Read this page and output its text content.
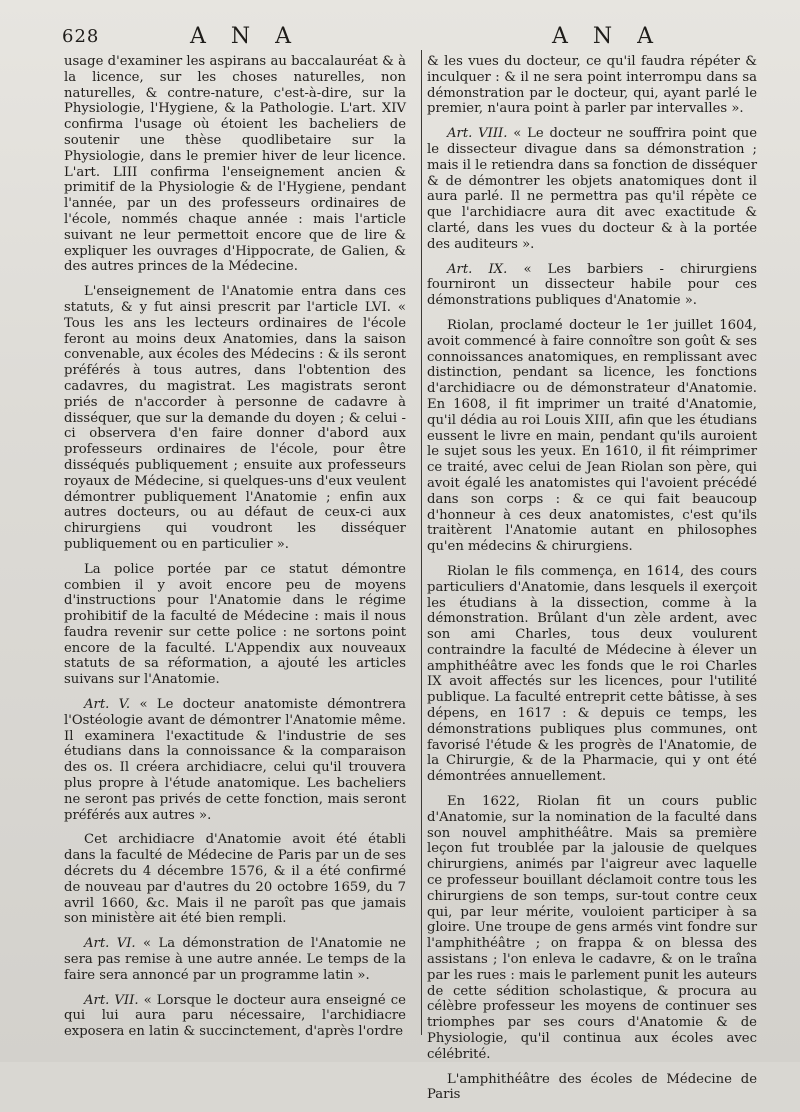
628	A N A	A N A

usage d'examiner les aspirans au baccalauréat & à la licence, sur les choses naturelles, non naturelles, & contre-nature, c'est-à-dire, sur la Physiologie, l'Hygiene, & la Pathologie. L'art. XIV confirma l'usage où étoient les bacheliers de soutenir une thèse quodlibetaire sur la Physiologie, dans le premier hiver de leur licence. L'art. LIII confirma l'enseignement ancien & primitif de la Physiologie & de l'Hygiene, pendant l'année, par un des professeurs ordinaires de l'école, nommés chaque année : mais l'article suivant ne leur permettoit encore que de lire & expliquer les ouvrages d'Hippocrate, de Galien, & des autres princes de la Médecine.

L'enseignement de l'Anatomie entra dans ces statuts, & y fut ainsi prescrit par l'article LVI. « Tous les ans les lecteurs ordinaires de l'école feront au moins deux Anatomies, dans la saison convenable, aux écoles des Médecins : & ils seront préférés à tous autres, dans l'obtention des cadavres, du magistrat. Les magistrats seront priés de n'accorder à personne de cadavre à disséquer, que sur la demande du doyen ; & celui - ci observera d'en faire donner d'abord aux professeurs ordinaires de l'école, pour être disséqués publiquement ; ensuite aux professeurs royaux de Médecine, si quelques-uns d'eux veulent démontrer publiquement l'Anatomie ; enfin aux autres docteurs, ou au défaut de ceux-ci aux chirurgiens qui voudront les disséquer publiquement ou en particulier ».

La police portée par ce statut démontre combien il y avoit encore peu de moyens d'instructions pour l'Anatomie dans le régime prohibitif de la faculté de Médecine : mais il nous faudra revenir sur cette police : ne sortons point encore de la faculté. L'Appendix aux nouveaux statuts de sa réformation, a ajouté les articles suivans sur l'Anatomie.

Art. V. « Le docteur anatomiste démontrera l'Ostéologie avant de démontrer l'Anatomie même. Il examinera l'exactitude & l'industrie de ses étudians dans la connoissance & la comparaison des os. Il créera archidiacre, celui qu'il trouvera plus propre à l'étude anatomique. Les bacheliers ne seront pas privés de cette fonction, mais seront préférés aux autres ».

Cet archidiacre d'Anatomie avoit été établi dans la faculté de Médecine de Paris par un de ses décrets du 4 décembre 1576, & il a été confirmé de nouveau par d'autres du 20 octobre 1659, du 7 avril 1660, &c. Mais il ne paroît pas que jamais son ministère ait été bien rempli.

Art. VI. « La démonstration de l'Anatomie ne sera pas remise à une autre année. Le temps de la faire sera annoncé par un programme latin ».

Art. VII. « Lorsque le docteur aura enseigné ce qui lui aura paru nécessaire, l'archidiacre exposera en latin & succinctement, d'après l'ordre

& les vues du docteur, ce qu'il faudra répéter & inculquer : & il ne sera point interrompu dans sa démonstration par le docteur, qui, ayant parlé le premier, n'aura point à parler par intervalles ».

Art. VIII. « Le docteur ne souffrira point que le dissecteur divague dans sa démonstration ; mais il le retiendra dans sa fonction de disséquer & de démontrer les objets anatomiques dont il aura parlé. Il ne permettra pas qu'il répète ce que l'archidiacre aura dit avec exactitude & clarté, dans les vues du docteur & à la portée des auditeurs ».

Art. IX. « Les barbiers - chirurgiens fourniront un dissecteur habile pour ces démonstrations publiques d'Anatomie ».

Riolan, proclamé docteur le 1er juillet 1604, avoit commencé à faire connoître son goût & ses connoissances anatomiques, en remplissant avec distinction, pendant sa licence, les fonctions d'archidiacre ou de démonstrateur d'Anatomie. En 1608, il fit imprimer un traité d'Anatomie, qu'il dédia au roi Louis XIII, afin que les étudians eussent le livre en main, pendant qu'ils auroient le sujet sous les yeux. En 1610, il fit réimprimer ce traité, avec celui de Jean Riolan son père, qui avoit égalé les anatomistes qui l'avoient précédé dans son corps : & ce qui fait beaucoup d'honneur à ces deux anatomistes, c'est qu'ils traitèrent l'Anatomie autant en philosophes qu'en médecins & chirurgiens.

Riolan le fils commença, en 1614, des cours particuliers d'Anatomie, dans lesquels il exerçoit les étudians à la dissection, comme à la démonstration. Brûlant d'un zèle ardent, avec son ami Charles, tous deux voulurent contraindre la faculté de Médecine à élever un amphithéâtre avec les fonds que le roi Charles IX avoit affectés sur les licences, pour l'utilité publique. La faculté entreprit cette bâtisse, à ses dépens, en 1617 : & depuis ce temps, les démonstrations publiques plus communes, ont favorisé l'étude & les progrès de l'Anatomie, de la Chirurgie, & de la Pharmacie, qui y ont été démontrées annuellement.

En 1622, Riolan fit un cours public d'Anatomie, sur la nomination de la faculté dans son nouvel amphithéâtre. Mais sa première leçon fut troublée par la jalousie de quelques chirurgiens, animés par l'aigreur avec laquelle ce professeur bouillant déclamoit contre tous les chirurgiens de son temps, sur-tout contre ceux qui, par leur mérite, vouloient participer à sa gloire. Une troupe de gens armés vint fondre sur l'amphithéâtre ; on frappa & on blessa des assistans ; l'on enleva le cadavre, & on le traîna par les rues : mais le parlement punit les auteurs de cette sédition scholastique, & procura au célèbre professeur les moyens de continuer ses triomphes par ses cours d'Anatomie & de Physiologie, qu'il continua aux écoles avec célébrité.

L'amphithéâtre des écoles de Médecine de Paris
